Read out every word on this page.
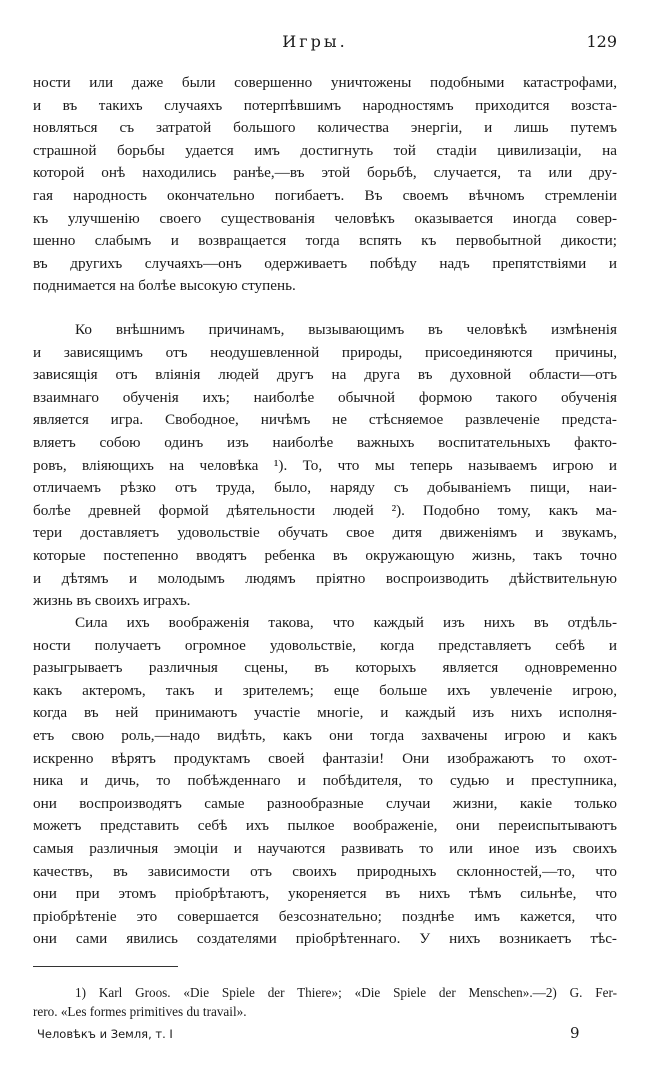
Игры.	129
ности или даже были совершенно уничтожены подобными катастрофами,
и въ такихъ случаяхъ потерпѣвшимъ народностямъ приходится возста-
новляться съ затратой большого количества энергіи, и лишь путемъ
страшной борьбы удается имъ достигнуть той стадіи цивилизаціи, на
которой онѣ находились ранѣе,—въ этой борьбѣ, случается, та или дру-
гая народность окончательно погибаетъ. Въ своемъ вѣчномъ стремленіи
къ улучшенію своего существованія человѣкъ оказывается иногда совер-
шенно слабымъ и возвращается тогда вспять къ первобытной дикости;
въ другихъ случаяхъ—онъ одерживаетъ побѣду надъ препятствіями и
поднимается на болѣе высокую ступень.
Ко внѣшнимъ причинамъ, вызывающимъ въ человѣкѣ измѣненія
и зависящимъ отъ неодушевленной природы, присоединяются причины,
зависящія отъ вліянія людей другъ на друга въ духовной области—отъ
взаимнаго обученія ихъ; наиболѣе обычной формою такого обученія
является игра. Свободное, ничѣмъ не стѣсняемое развлеченіе предста-
вляетъ собою одинъ изъ наиболѣе важныхъ воспитательныхъ факто-
ровъ, вліяющихъ на человѣка ¹). То, что мы теперь называемъ игрою и
отличаемъ рѣзко отъ труда, было, наряду съ добываніемъ пищи, наи-
болѣе древней формой дѣятельности людей ²). Подобно тому, какъ ма-
тери доставляетъ удовольствіе обучать свое дитя движеніямъ и звукамъ,
которые постепенно вводятъ ребенка въ окружающую жизнь, такъ точно
и дѣтямъ и молодымъ людямъ пріятно воспроизводить дѣйствительную
жизнь въ своихъ играхъ.
Сила ихъ воображенія такова, что каждый изъ нихъ въ отдѣль-
ности получаетъ огромное удовольствіе, когда представляетъ себѣ и
разыгрываетъ различныя сцены, въ которыхъ является одновременно
какъ актеромъ, такъ и зрителемъ; еще больше ихъ увлеченіе игрою,
когда въ ней принимаютъ участіе многіе, и каждый изъ нихъ исполня-
етъ свою роль,—надо видѣть, какъ они тогда захвачены игрою и какъ
искренно вѣрятъ продуктамъ своей фантазіи! Они изображаютъ то охот-
ника и дичь, то побѣжденнаго и побѣдителя, то судью и преступника,
они воспроизводятъ самые разнообразные случаи жизни, какіе только
можетъ представить себѣ ихъ пылкое воображеніе, они переиспытываютъ
самыя различныя эмоціи и научаются развивать то или иное изъ своихъ
качествъ, въ зависимости отъ своихъ природныхъ склонностей,—то, что
они при этомъ пріобрѣтаютъ, укореняется въ нихъ тѣмъ сильнѣе, что
пріобрѣтеніе это совершается безсознательно; позднѣе имъ кажется, что
они сами явились создателями пріобрѣтеннаго. У нихъ возникаетъ тѣс-
1) Karl Groos. «Die Spiele der Thiere»; «Die Spiele der Menschen».—2) G. Fer-
rero. «Les formes primitives du travail».
Человѣкъ и Земля, т. I	9
